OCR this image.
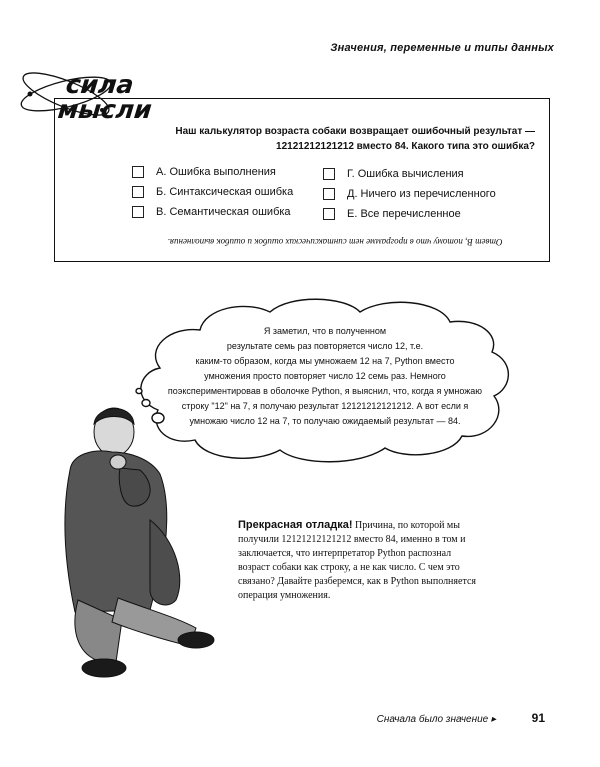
Значения, переменные и типы данных
сила
мысли
Наш калькулятор возраста собаки возвращает ошибочный результат — 12121212121212 вместо 84. Какого типа это ошибка?
А. Ошибка выполнения
Б. Синтаксическая ошибка
В. Семантическая ошибка
Г. Ошибка вычисления
Д. Ничего из перечисленного
Е. Все перечисленное
Ответ В, потому что в программе нет синтаксических ошибок и ошибок выполнения.
Я заметил, что в полученном
результате семь раз повторяется число 12, т.е.
каким-то образом, когда мы умножаем 12 на 7, Python вместо
умножения просто повторяет число 12 семь раз. Немного
поэкспериментировав в оболочке Python, я выяснил, что, когда я умножаю
строку "12" на 7, я получаю результат 12121212121212. А вот если я
умножаю число 12 на 7, то получаю ожидаемый результат — 84.
Прекрасная отладка! Причина, по которой мы получили 12121212121212 вместо 84, именно в том и заключается, что интерпретатор Python распознал возраст собаки как строку, а не как число. С чем это связано? Давайте разберемся, как в Python выполняется операция умножения.
Сначала было значение ▸	91
